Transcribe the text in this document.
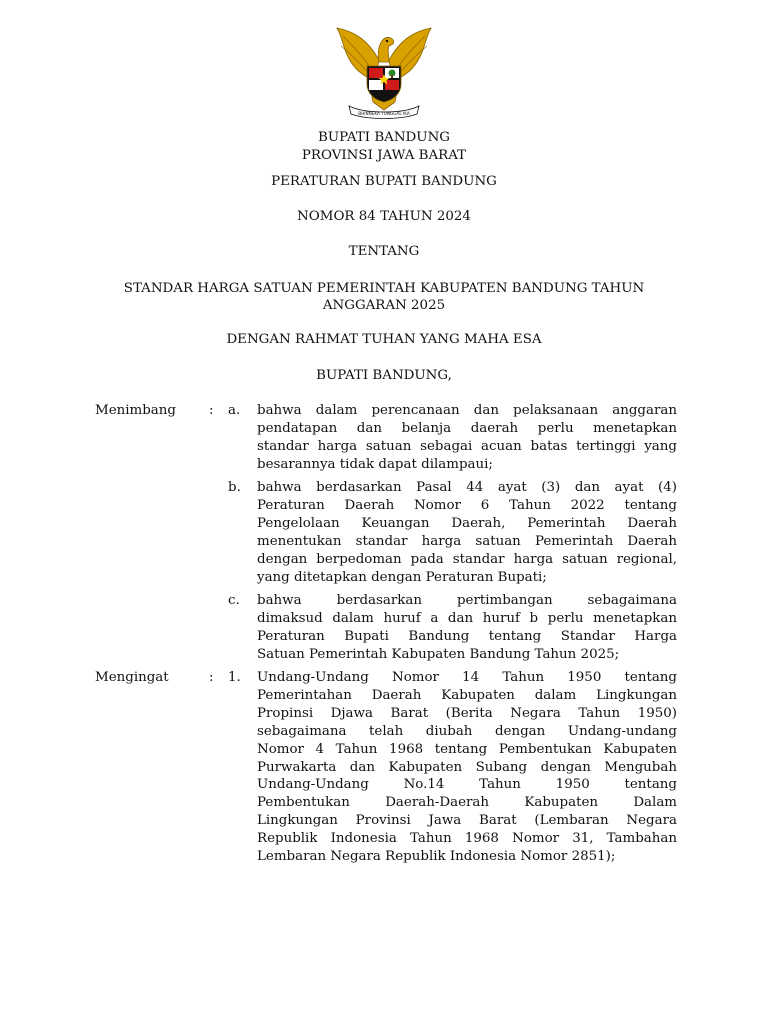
BHINNEKA TUNGGAL IKA
BUPATI BANDUNG
PROVINSI JAWA BARAT
PERATURAN BUPATI BANDUNG
NOMOR 84 TAHUN 2024
TENTANG
STANDAR HARGA SATUAN PEMERINTAH KABUPATEN BANDUNG TAHUN
ANGGARAN 2025
DENGAN RAHMAT TUHAN YANG MAHA ESA
BUPATI BANDUNG,
Menimbang : a. bahwa dalam perencanaan dan pelaksanaan anggaran
pendatapan dan belanja daerah perlu menetapkan
standar harga satuan sebagai acuan batas tertinggi yang
besarannya tidak dapat dilampaui;
b. bahwa berdasarkan Pasal 44 ayat (3) dan ayat (4)
Peraturan Daerah Nomor 6 Tahun 2022 tentang
Pengelolaan Keuangan Daerah, Pemerintah Daerah
menentukan standar harga satuan Pemerintah Daerah
dengan berpedoman pada standar harga satuan regional,
yang ditetapkan dengan Peraturan Bupati;
c. bahwa berdasarkan pertimbangan sebagaimana
dimaksud dalam huruf a dan huruf b perlu menetapkan
Peraturan Bupati Bandung tentang Standar Harga
Satuan Pemerintah Kabupaten Bandung Tahun 2025;
Mengingat	: 1. Undang-Undang Nomor 14 Tahun 1950 tentang
Pemerintahan Daerah Kabupaten dalam Lingkungan
Propinsi Djawa Barat (Berita Negara Tahun 1950)
sebagaimana telah diubah dengan Undang-undang
Nomor 4 Tahun 1968 tentang Pembentukan Kabupaten
Purwakarta dan Kabupaten Subang dengan Mengubah
Undang-Undang No.14 Tahun 1950 tentang
Pembentukan Daerah-Daerah Kabupaten Dalam
Lingkungan Provinsi Jawa Barat (Lembaran Negara
Republik Indonesia Tahun 1968 Nomor 31, Tambahan
Lembaran Negara Republik Indonesia Nomor 2851);
